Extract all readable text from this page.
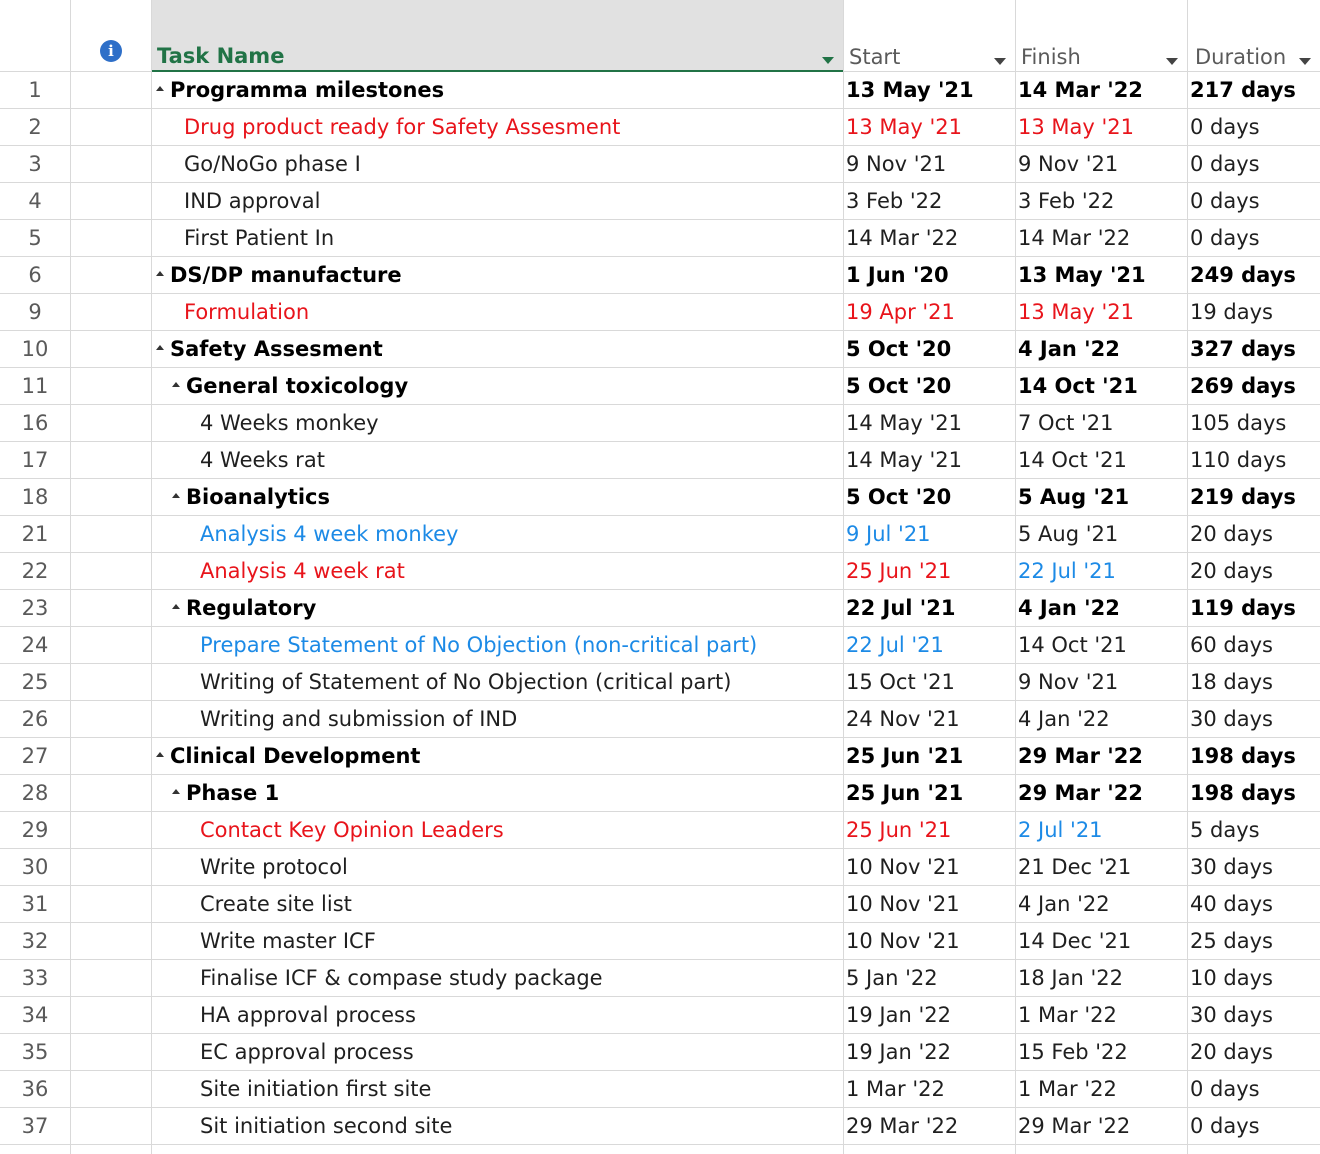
i	Task Name	Start	Finish	Duration
1	Programma milestones	13 May '21	14 Mar '22	217 days
2	Drug product ready for Safety Assesment	13 May '21	13 May '21	0 days
3	Go/NoGo phase I	9 Nov '21	9 Nov '21	0 days
4	IND approval	3 Feb '22	3 Feb '22	0 days
5	First Patient In	14 Mar '22	14 Mar '22	0 days
6	DS/DP manufacture	1 Jun '20	13 May '21	249 days
9	Formulation	19 Apr '21	13 May '21	19 days
10	Safety Assesment	5 Oct '20	4 Jan '22	327 days
11	General toxicology	5 Oct '20	14 Oct '21	269 days
16	4 Weeks monkey	14 May '21	7 Oct '21	105 days
17	4 Weeks rat	14 May '21	14 Oct '21	110 days
18	Bioanalytics	5 Oct '20	5 Aug '21	219 days
21	Analysis 4 week monkey	9 Jul '21	5 Aug '21	20 days
22	Analysis 4 week rat	25 Jun '21	22 Jul '21	20 days
23	Regulatory	22 Jul '21	4 Jan '22	119 days
24	Prepare Statement of No Objection (non-critical part)	22 Jul '21	14 Oct '21	60 days
25	Writing of Statement of No Objection (critical part)	15 Oct '21	9 Nov '21	18 days
26	Writing and submission of IND	24 Nov '21	4 Jan '22	30 days
27	Clinical Development	25 Jun '21	29 Mar '22	198 days
28	Phase 1	25 Jun '21	29 Mar '22	198 days
29	Contact Key Opinion Leaders	25 Jun '21	2 Jul '21	5 days
30	Write protocol	10 Nov '21	21 Dec '21	30 days
31	Create site list	10 Nov '21	4 Jan '22	40 days
32	Write master ICF	10 Nov '21	14 Dec '21	25 days
33	Finalise ICF & compase study package	5 Jan '22	18 Jan '22	10 days
34	HA approval process	19 Jan '22	1 Mar '22	30 days
35	EC approval process	19 Jan '22	15 Feb '22	20 days
36	Site initiation first site	1 Mar '22	1 Mar '22	0 days
37	Sit initiation second site	29 Mar '22	29 Mar '22	0 days
